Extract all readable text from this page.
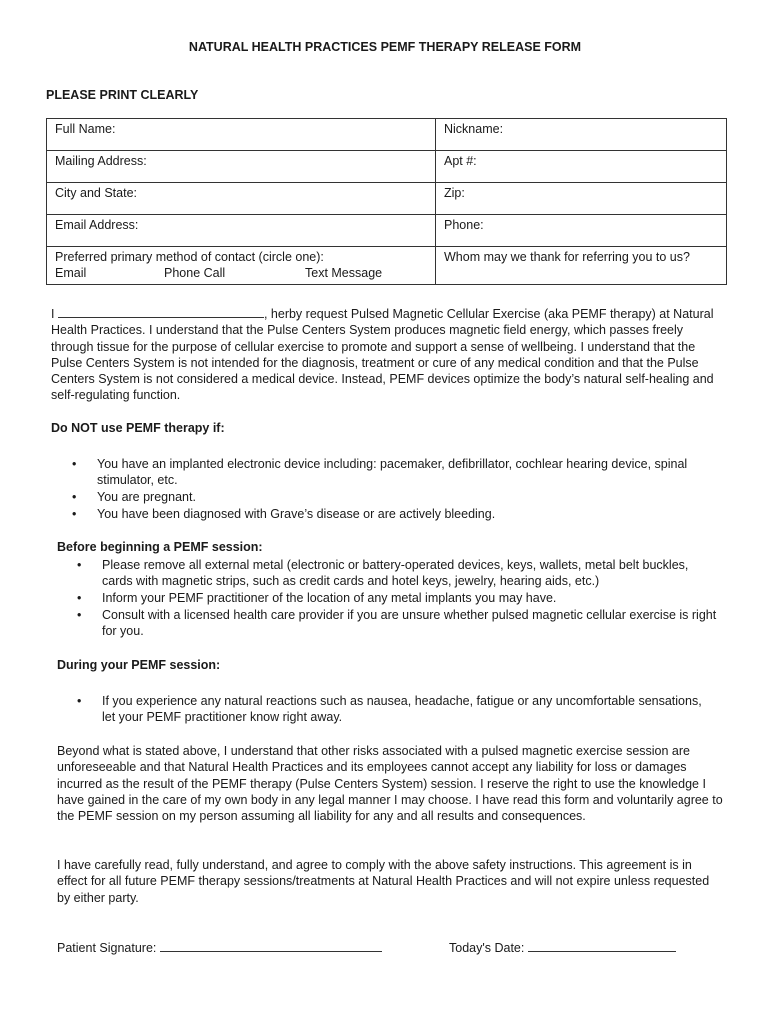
NATURAL HEALTH PRACTICES PEMF THERAPY RELEASE FORM
PLEASE PRINT CLEARLY
Full Name:	Nickname:
Mailing Address:	Apt #:
City and State:	Zip:
Email Address:	Phone:

Preferred primary method of contact (circle one):
Email Phone Call Text Message	Whom may we thank for referring you to us?
I	, herby request Pulsed Magnetic Cellular Exercise (aka PEMF therapy) at Natural Health Practices. I understand that the Pulse Centers System produces magnetic field energy, which passes freely through tissue for the purpose of cellular exercise to promote and support a sense of wellbeing. I understand that the Pulse Centers System is not intended for the diagnosis, treatment or cure of any medical condition and that the Pulse Centers System is not considered a medical device. Instead, PEMF devices optimize the body’s natural self-healing and self-regulating function.
Do NOT use PEMF therapy if:
• You have an implanted electronic device including: pacemaker, defibrillator, cochlear hearing device, spinal stimulator, etc.
• You are pregnant.
• You have been diagnosed with Grave’s disease or are actively bleeding.
Before beginning a PEMF session:
• Please remove all external metal (electronic or battery-operated devices, keys, wallets, metal belt buckles, cards with magnetic strips, such as credit cards and hotel keys, jewelry, hearing aids, etc.)
• Inform your PEMF practitioner of the location of any metal implants you may have.
• Consult with a licensed health care provider if you are unsure whether pulsed magnetic cellular exercise is right for you.
During your PEMF session:
• If you experience any natural reactions such as nausea, headache, fatigue or any uncomfortable sensations, let your PEMF practitioner know right away.
Beyond what is stated above, I understand that other risks associated with a pulsed magnetic exercise session are unforeseeable and that Natural Health Practices and its employees cannot accept any liability for loss or damages incurred as the result of the PEMF therapy (Pulse Centers System) session. I reserve the right to use the knowledge I have gained in the care of my own body in any legal manner I may choose. I have read this form and voluntarily agree to the PEMF session on my person assuming all liability for any and all results and consequences.
I have carefully read, fully understand, and agree to comply with the above safety instructions. This agreement is in effect for all future PEMF therapy sessions/treatments at Natural Health Practices and will not expire unless requested by either party.
Patient Signature:	Today's Date:
